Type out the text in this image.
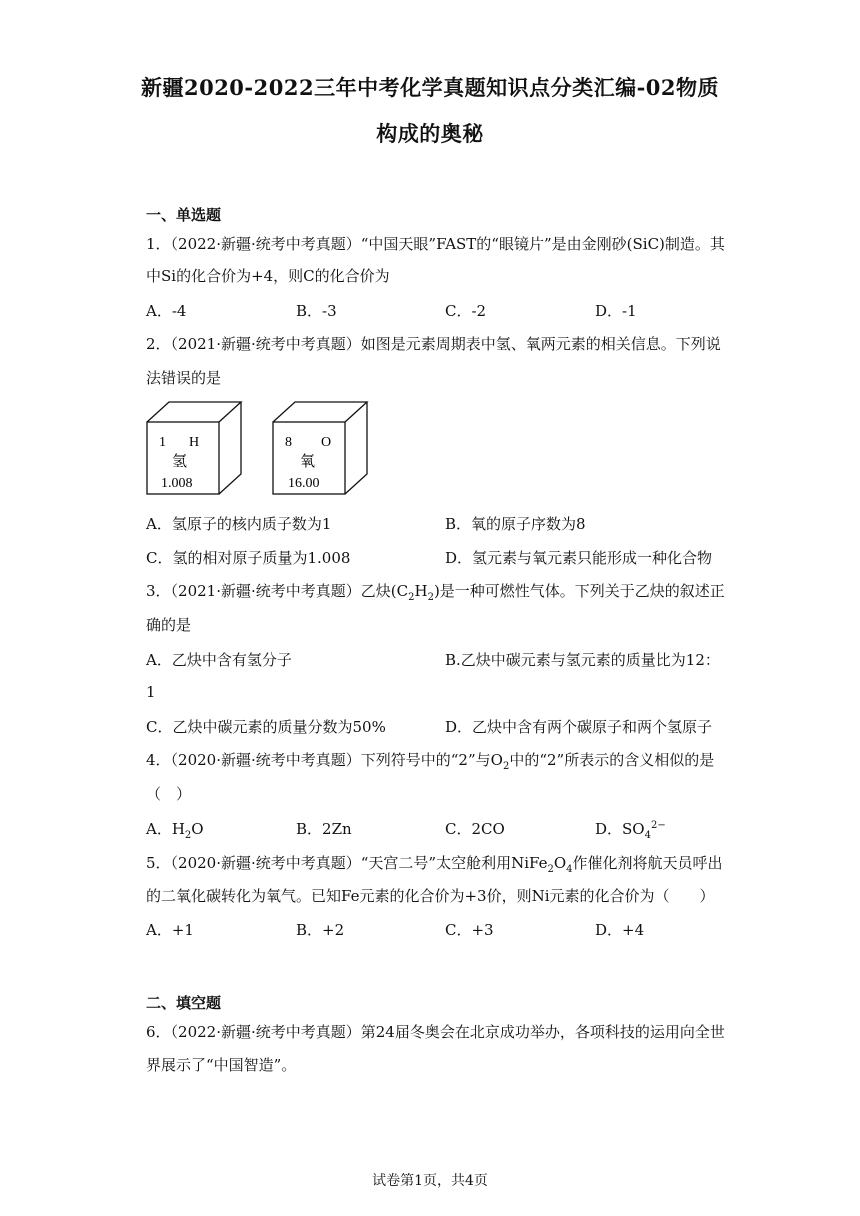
新疆2020-2022三年中考化学真题知识点分类汇编-02物质
构成的奥秘
一、单选题
1．（2022·新疆·统考中考真题）“中国天眼”FAST的“眼镜片”是由金刚砂(SiC)制造。其
中Si的化合价为+4，则C的化合价为
A．-4	B．-3	C．-2	D．-1
2．（2021·新疆·统考中考真题）如图是元素周期表中氢、氧两元素的相关信息。下列说
法错误的是
1 H
氢
1.008
8 O
氧
16.00
A．氢原子的核内质子数为1	B．氧的原子序数为8
C．氢的相对原子质量为1.008	D．氢元素与氧元素只能形成一种化合物
3．（2021·新疆·统考中考真题）乙炔$(C_2H_2)$是一种可燃性气体。下列关于乙炔的叙述正
确的是
A．乙炔中含有氢分子	B.乙炔中碳元素与氢元素的质量比为12：
1
C．乙炔中碳元素的质量分数为50%	D．乙炔中含有两个碳原子和两个氢原子
4．（2020·新疆·统考中考真题）下列符号中的“2”与$O_2$中的“2”所表示的含义相似的是
（　）
A．$H_2O$	B．2Zn	C．2CO	D．$SO_4^{2-}$
5．（2020·新疆·统考中考真题）“天宫二号”太空舱利用$NiFe_2O_4$作催化剂将航天员呼出
的二氧化碳转化为氧气。已知Fe元素的化合价为+3价，则Ni元素的化合价为（　　）
A．+1	B．+2	C．+3	D．+4
二、填空题
6．（2022·新疆·统考中考真题）第24届冬奥会在北京成功举办，各项科技的运用向全世
界展示了“中国智造”。
试卷第1页，共4页
